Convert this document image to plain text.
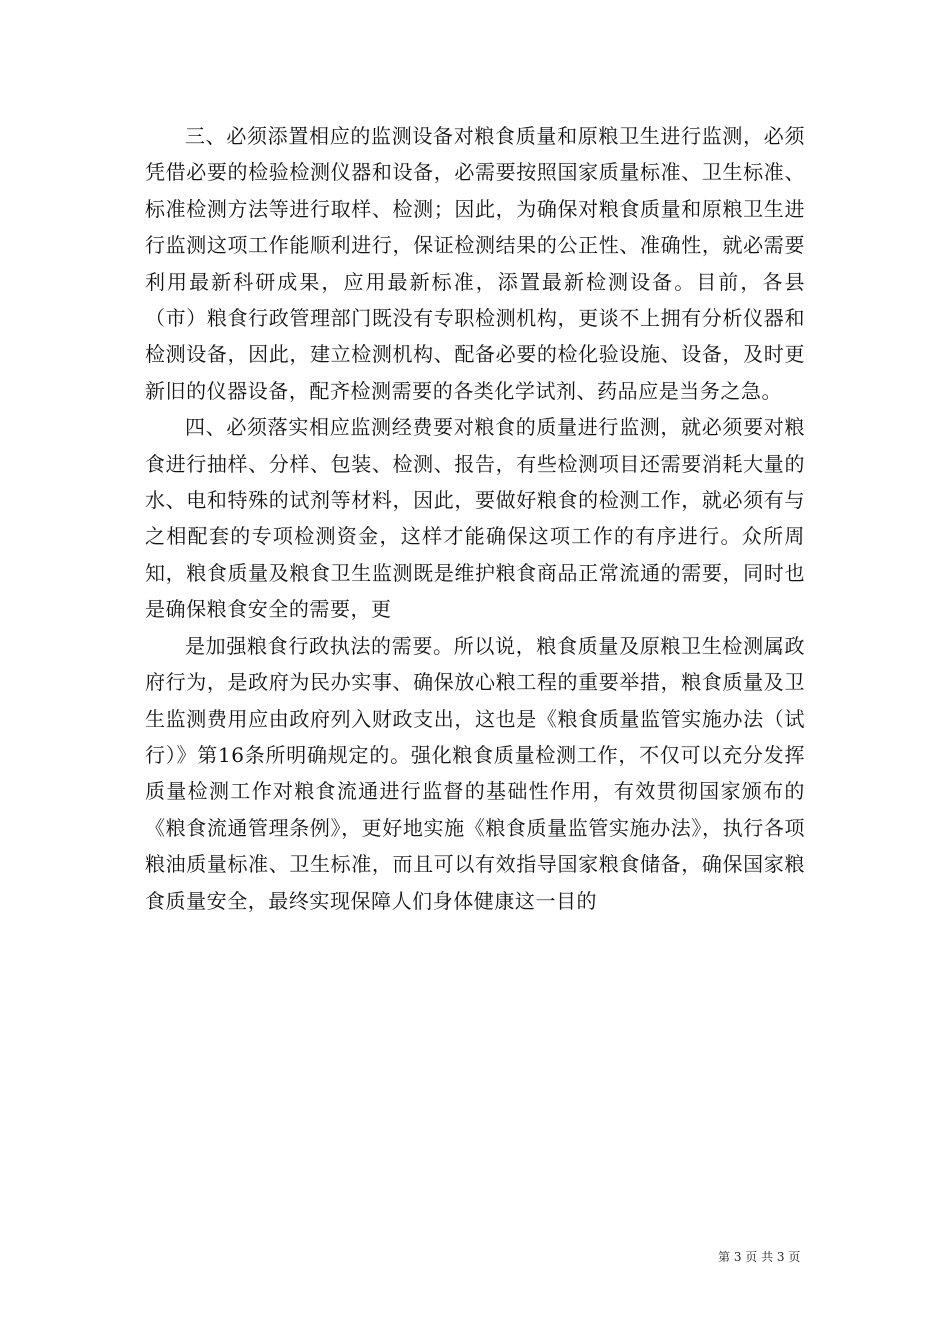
三、必须添置相应的监测设备对粮食质量和原粮卫生进行监测，必须凭借必要的检验检测仪器和设备，必需要按照国家质量标准、卫生标准、标准检测方法等进行取样、检测；因此，为确保对粮食质量和原粮卫生进行监测这项工作能顺利进行，保证检测结果的公正性、准确性，就必需要利用最新科研成果，应用最新标准，添置最新检测设备。目前，各县（市）粮食行政管理部门既没有专职检测机构，更谈不上拥有分析仪器和检测设备，因此，建立检测机构、配备必要的检化验设施、设备，及时更新旧的仪器设备，配齐检测需要的各类化学试剂、药品应是当务之急。

四、必须落实相应监测经费要对粮食的质量进行监测，就必须要对粮食进行抽样、分样、包装、检测、报告，有些检测项目还需要消耗大量的水、电和特殊的试剂等材料，因此，要做好粮食的检测工作，就必须有与之相配套的专项检测资金，这样才能确保这项工作的有序进行。众所周知，粮食质量及粮食卫生监测既是维护粮食商品正常流通的需要，同时也是确保粮食安全的需要，更

是加强粮食行政执法的需要。所以说，粮食质量及原粮卫生检测属政府行为，是政府为民办实事、确保放心粮工程的重要举措，粮食质量及卫生监测费用应由政府列入财政支出，这也是《粮食质量监管实施办法（试行）》第16条所明确规定的。强化粮食质量检测工作，不仅可以充分发挥质量检测工作对粮食流通进行监督的基础性作用，有效贯彻国家颁布的《粮食流通管理条例》，更好地实施《粮食质量监管实施办法》，执行各项粮油质量标准、卫生标准，而且可以有效指导国家粮食储备，确保国家粮食质量安全，最终实现保障人们身体健康这一目的

第 3 页 共 3 页
